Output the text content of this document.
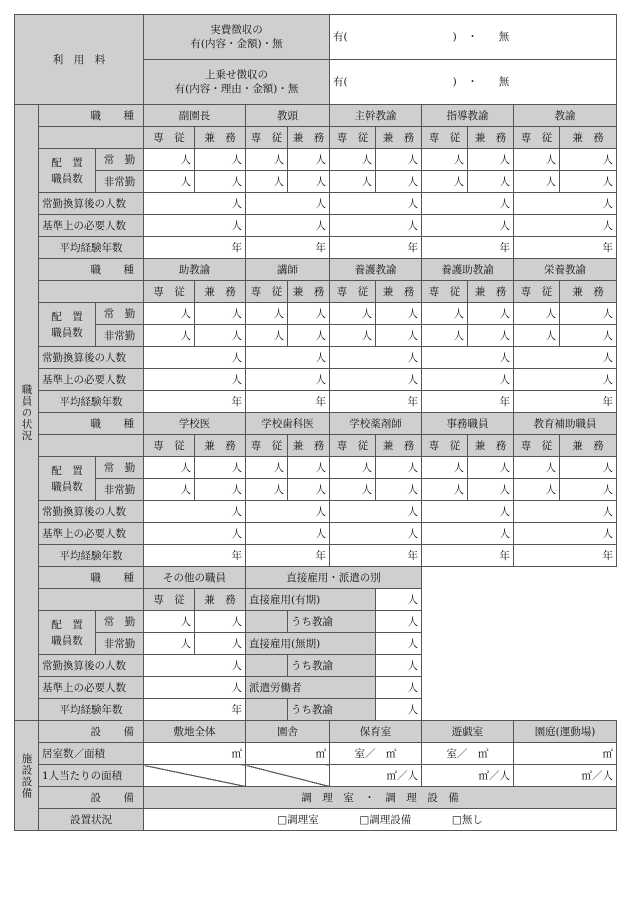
利　用　料			実費徴収の
有(内容・金額)・無				有(　　　　　　　　　　)　・　　無					
			上乗せ徴収の
有(内容・理由・金額)・無				有(　　　　　　　　　　)　・　　無					
職員の状況	職　種		副園長		教頭		主幹教諭		指導教諭		教諭	
			専　従	兼　務	専　従	兼　務	専　従	兼　務	専　従	兼　務	専　従	兼　務
	配　置
職員数	常　勤	人	人	人	人	人	人	人	人	人	人
		非常勤	人	人	人	人	人	人	人	人	人	人
	常勤換算後の人数		人		人		人		人		人	
	基準上の必要人数		人		人		人		人		人	
	平均経験年数		年		年		年		年		年	
	職　種		助教諭		講師		養護教諭		養護助教諭		栄養教諭	
			専　従	兼　務	専　従	兼　務	専　従	兼　務	専　従	兼　務	専　従	兼　務
	配　置
職員数	常　勤	人	人	人	人	人	人	人	人	人	人
		非常勤	人	人	人	人	人	人	人	人	人	人
	常勤換算後の人数		人		人		人		人		人	
	基準上の必要人数		人		人		人		人		人	
	平均経験年数		年		年		年		年		年	
	職　種		学校医		学校歯科医		学校薬剤師		事務職員		教育補助職員	
			専　従	兼　務	専　従	兼　務	専　従	兼　務	専　従	兼　務	専　従	兼　務
	配　置
職員数	常　勤	人	人	人	人	人	人	人	人	人	人
		非常勤	人	人	人	人	人	人	人	人	人	人
	常勤換算後の人数		人		人		人		人		人	
	基準上の必要人数		人		人		人		人		人	
	平均経験年数		年		年		年		年		年	
	職　種		その他の職員		直接雇用・派遣の別							
			専　従	兼　務	直接雇用(有期)			人				
	配　置
職員数	常　勤	人	人		うち教諭		人				
		非常勤	人	人	直接雇用(無期)			人				
	常勤換算後の人数		人			うち教諭		人				
	基準上の必要人数		人		派遣労働者			人				
	平均経験年数		年			うち教諭		人				
施設設備	設　備		敷地全体		園舎		保育室		遊戯室		園庭(運動場)	
	居室数／面積		㎡		㎡		室／　㎡		室／　㎡		㎡	
	1人当たりの面積						㎡／人		㎡／人		㎡／人	
	設　備		調　理　室　・　調　理　設　備									
	設置状況		□調理室 □調理設備 □無し									
